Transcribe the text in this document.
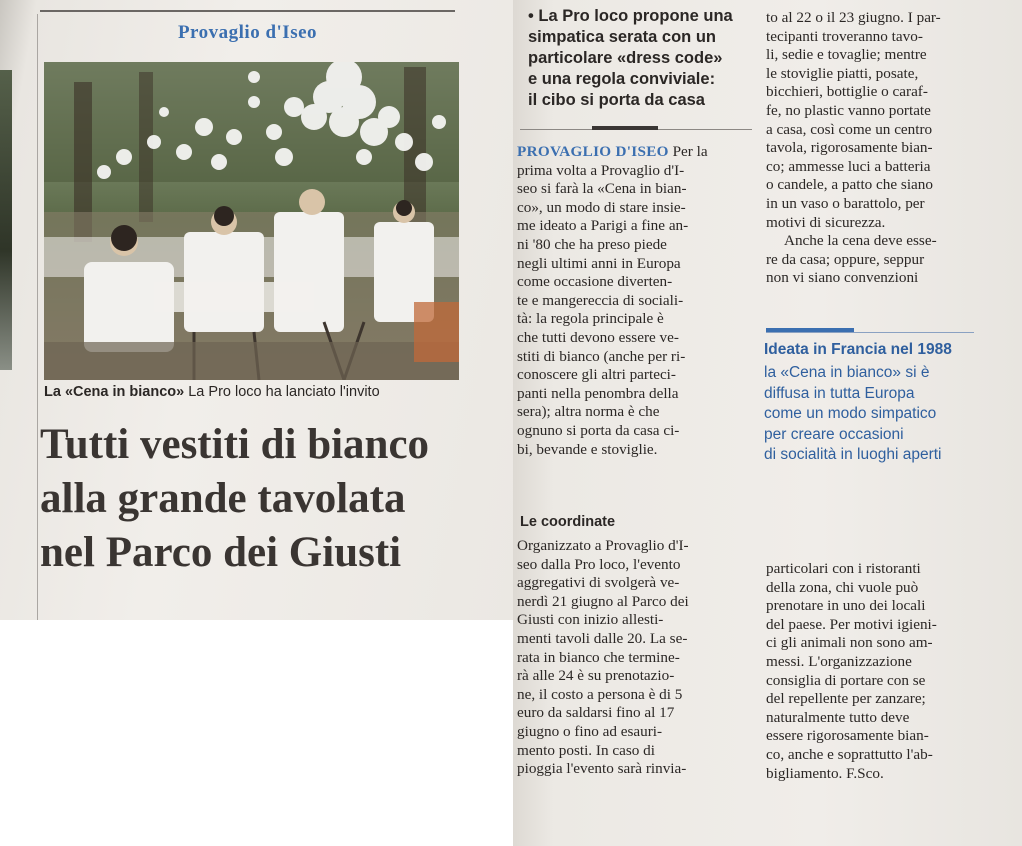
Provaglio d'Iseo
La «Cena in bianco» La Pro loco ha lanciato l'invito
Tutti vestiti di bianco
alla grande tavolata
nel Parco dei Giusti
• La Pro loco propone una
simpatica serata con un
particolare «dress code»
e una regola conviviale:
il cibo si porta da casa
PROVAGLIO D'ISEO Per la
prima volta a Provaglio d'I-
seo si farà la «Cena in bian-
co», un modo di stare insie-
me ideato a Parigi a fine an-
ni '80 che ha preso piede
negli ultimi anni in Europa
come occasione diverten-
te e mangereccia di sociali-
tà: la regola principale è
che tutti devono essere ve-
stiti di bianco (anche per ri-
conoscere gli altri parteci-
panti nella penombra della
sera); altra norma è che
ognuno si porta da casa ci-
bi, bevande e stoviglie.
to al 22 o il 23 giugno. I par-
tecipanti troveranno tavo-
li, sedie e tovaglie; mentre
le stoviglie piatti, posate,
bicchieri, bottiglie o caraf-
fe, no plastic vanno portate
a casa, così come un centro
tavola, rigorosamente bian-
co; ammesse luci a batteria
o candele, a patto che siano
in un vaso o barattolo, per
motivi di sicurezza.
Anche la cena deve esse-
re da casa; oppure, seppur
non vi siano convenzioni
Ideata in Francia nel 1988
la «Cena in bianco» si è
diffusa in tutta Europa
come un modo simpatico
per creare occasioni
di socialità in luoghi aperti
Le coordinate
Organizzato a Provaglio d'I-
seo dalla Pro loco, l'evento
aggregativi di svolgerà ve-
nerdì 21 giugno al Parco dei
Giusti con inizio allesti-
menti tavoli dalle 20. La se-
rata in bianco che termine-
rà alle 24 è su prenotazio-
ne, il costo a persona è di 5
euro da saldarsi fino al 17
giugno o fino ad esauri-
mento posti. In caso di
pioggia l'evento sarà rinvia-
particolari con i ristoranti
della zona, chi vuole può
prenotare in uno dei locali
del paese. Per motivi igieni-
ci gli animali non sono am-
messi. L'organizzazione
consiglia di portare con se
del repellente per zanzare;
naturalmente tutto deve
essere rigorosamente bian-
co, anche e soprattutto l'ab-
bigliamento. F.Sco.
